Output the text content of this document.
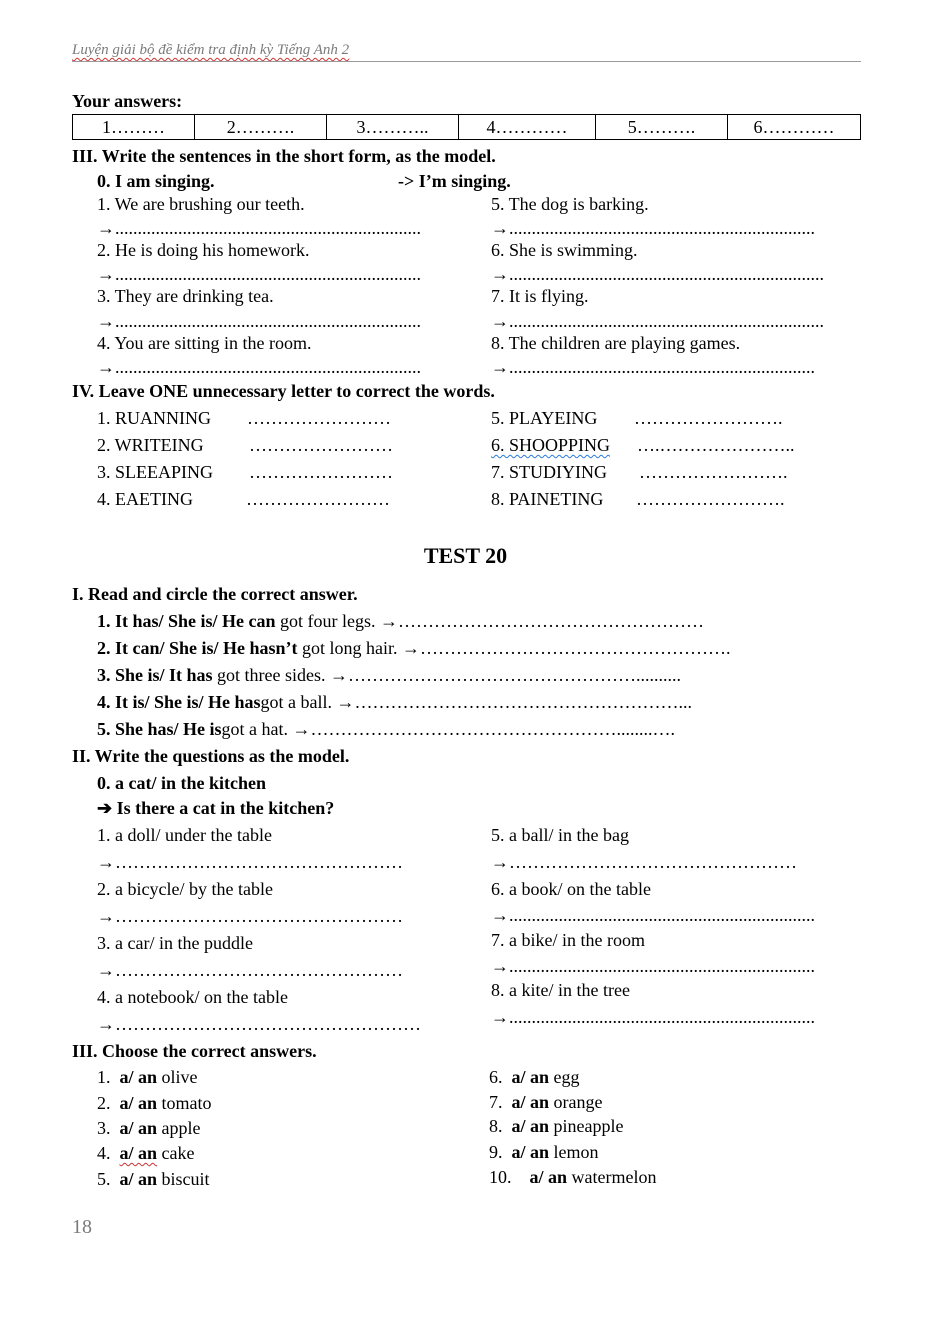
Luyện giải bộ đề kiểm tra định kỳ Tiếng Anh 2
Your answers:
1………	2……….	3………..	4…………	5……….	6…………
III. Write the sentences in the short form, as the model.
0. I am singing.	-> I’m singing.
1. We are brushing our teeth.
→....................................................................
2. He is doing his homework.
→....................................................................
3. They are drinking tea.
→....................................................................
4. You are sitting in the room.
→....................................................................
5. The dog is barking.
→....................................................................
6. She is swimming.
→......................................................................
7. It is flying.
→......................................................................
8. The children are playing games.
→....................................................................
IV. Leave ONE unnecessary letter to correct the words.
1. RUANNING ……………………
2. WRITEING	……………………
3. SLEEAPING ……………………
4. EAETING	……………………
5. PLAYEING …………………….
6. SHOOPPING ….…………………..
7. STUDIYING …………………….
8. PAINETING …………………….
TEST 20
I. Read and circle the correct answer.
1. It has/ She is/ He can got four legs. →……………………………………………
2. It can/ She is/ He hasn’t got long hair. →…………………………………………….
3. She is/ It has got three sides. →…………………………………………..........
4. It is/ She is/ He hasgot a ball. →………………………………………………...
5. She has/ He isgot a hat. →……………………………………………........….
II. Write the questions as the model.
0. a cat/ in the kitchen
➔ Is there a cat in the kitchen?
1. a doll/ under the table
→…………………………………………
2. a bicycle/ by the table
→…………………………………………
3. a car/ in the puddle
→…………………………………………
4. a notebook/ on the table
→……………………………………………
5. a ball/ in the bag
→…………………………………………
6. a book/ on the table
→....................................................................
7. a bike/ in the room
→....................................................................
8. a kite/ in the tree
→....................................................................
III. Choose the correct answers.
1. a/ an olive
2. a/ an tomato
3. a/ an apple
4. a/ an cake
5. a/ an biscuit
6. a/ an egg
7. a/ an orange
8. a/ an pineapple
9. a/ an lemon
10. a/ an watermelon
18
